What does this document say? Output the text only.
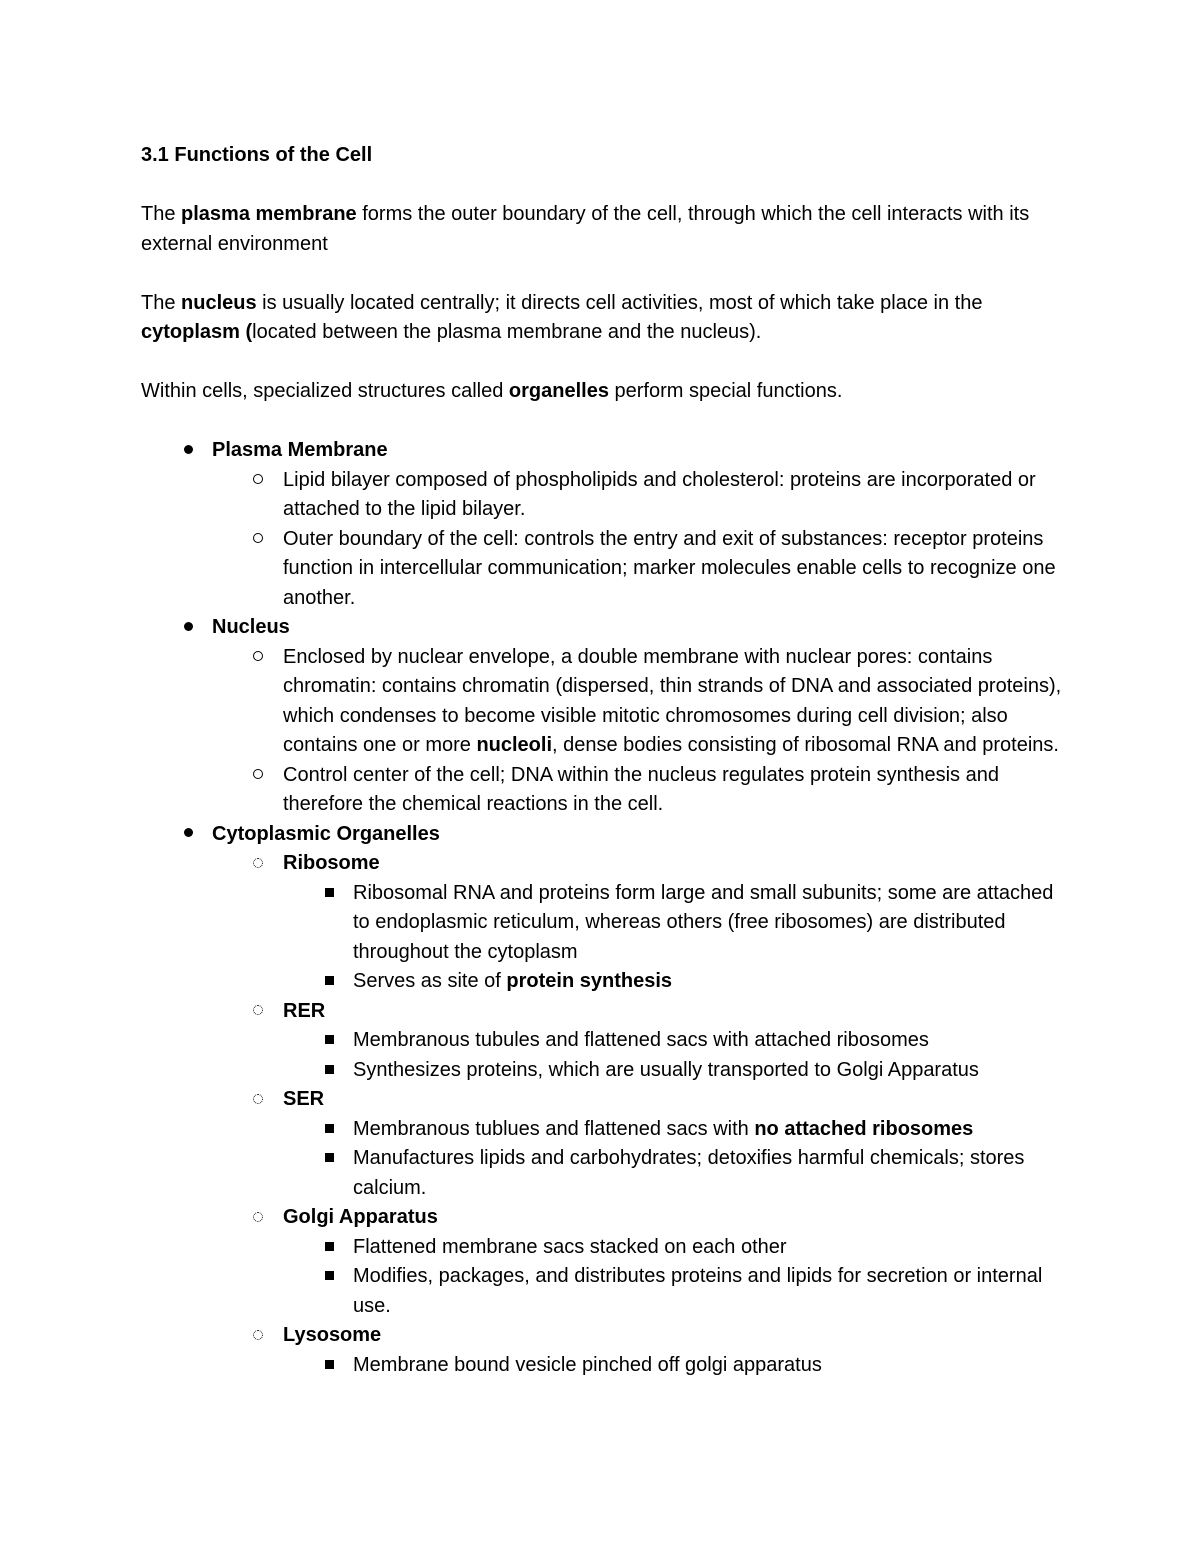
3.1 Functions of the Cell

The plasma membrane forms the outer boundary of the cell, through which the cell interacts with its external environment

The nucleus is usually located centrally; it directs cell activities, most of which take place in the cytoplasm (located between the plasma membrane and the nucleus).

Within cells, specialized structures called organelles perform special functions.

Plasma Membrane
Lipid bilayer composed of phospholipids and cholesterol: proteins are incorporated or attached to the lipid bilayer.
Outer boundary of the cell: controls the entry and exit of substances: receptor proteins function in intercellular communication; marker molecules enable cells to recognize one another.
Nucleus
Enclosed by nuclear envelope, a double membrane with nuclear pores: contains chromatin: contains chromatin (dispersed, thin strands of DNA and associated proteins), which condenses to become visible mitotic chromosomes during cell division; also contains one or more nucleoli, dense bodies consisting of ribosomal RNA and proteins.
Control center of the cell; DNA within the nucleus regulates protein synthesis and therefore the chemical reactions in the cell.
Cytoplasmic Organelles
Ribosome
Ribosomal RNA and proteins form large and small subunits; some are attached to endoplasmic reticulum, whereas others (free ribosomes) are distributed throughout the cytoplasm
Serves as site of protein synthesis
RER
Membranous tubules and flattened sacs with attached ribosomes
Synthesizes proteins, which are usually transported to Golgi Apparatus
SER
Membranous tublues and flattened sacs with no attached ribosomes
Manufactures lipids and carbohydrates; detoxifies harmful chemicals; stores calcium.
Golgi Apparatus
Flattened membrane sacs stacked on each other
Modifies, packages, and distributes proteins and lipids for secretion or internal use.
Lysosome
Membrane bound vesicle pinched off golgi apparatus
